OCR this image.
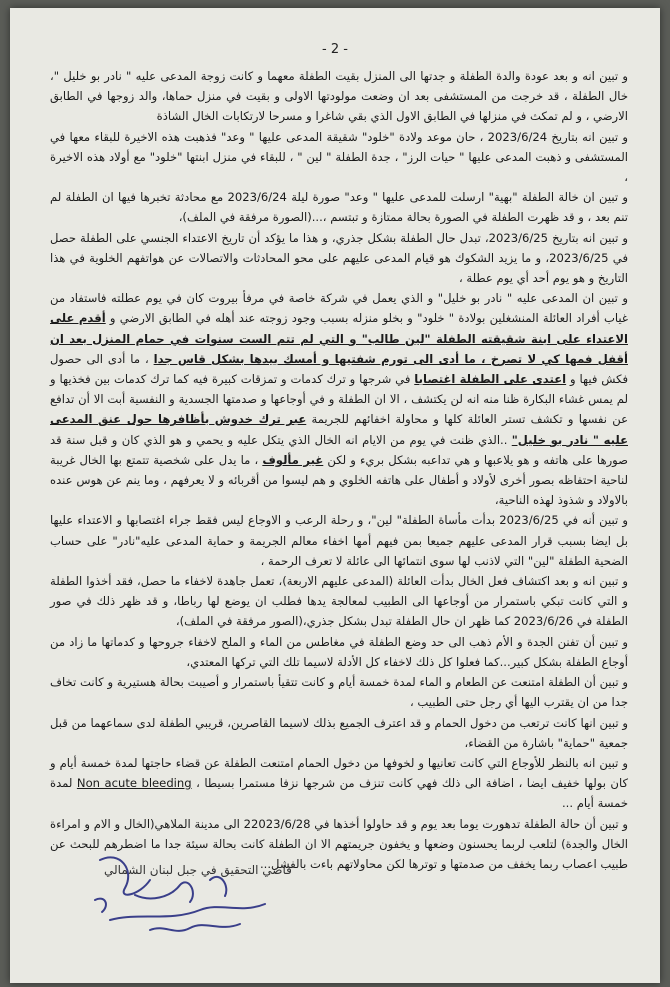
- 2 -

و تبين انه و بعد عودة والدة الطفلة و جدتها الى المنزل بقيت الطفلة معهما و كانت زوجة المدعى عليه " نادر بو خليل "، خال الطفلة ، قد خرجت من المستشفى بعد ان وضعت مولودتها الاولى و بقيت في منزل حماها، والد زوجها في الطابق الارضي ، و لم تمكث في منزلها في الطابق الاول الذي بقي شاغرا و مسرحا لارتكابات الخال الشاذة

و تبين انه بتاريخ 2023/6/24 ، حان موعد ولادة "خلود" شقيقة المدعى عليها " وعد" فذهبت هذه الاخيرة للبقاء معها في المستشفى و ذهبت المدعى عليها " حيات الرز" ، جدة الطفلة " لين " ، للبقاء في منزل ابنتها "خلود" مع أولاد هذه الاخيرة ،

و تبين ان خالة الطفلة "بهية" ارسلت للمدعى عليها " وعد" صورة ليلة 2023/6/24 مع محادثة تخبرها فيها ان الطفلة لم تنم بعد ، و قد ظهرت الطفلة في الصورة بحالة ممتازة و تبتسم ،...(الصورة مرفقة في الملف)،

و تبين انه بتاريخ 2023/6/25، تبدل حال الطفلة بشكل جذري، و هذا ما يؤكد أن تاريخ الاعتداء الجنسي على الطفلة حصل في 2023/6/25، و ما يزيد الشكوك هو قيام المدعى عليهم على محو المحادثات والاتصالات عن هواتفهم الخلوية في هذا التاريخ و هو يوم أحد أي يوم عطلة ،

و تبين ان المدعى عليه " نادر بو خليل" و الذي يعمل في شركة خاصة في مرفأ بيروت كان في يوم عطلته فاستفاد من غياب أفراد العائلة المنشغلين بولادة " خلود" و بخلو منزله بسبب وجود زوجته عند أهله في الطابق الارضي و أقدم على الاعتداء على ابنة شقيقته الطفلة "لين طالب" و التي لم تتم الست سنوات في حمام المنزل بعد ان أقفل فمها كي لا تصرخ ، ما أدى الى تورم شفتيها و أمسك بيدها بشكل قاس جدا ، ما أدى الى حصول فكش فيها و اعتدى على الطفلة اغتصابا في شرجها و ترك كدمات و تمزقات كبيرة فيه كما ترك كدمات بين فخذيها و لم يمس غشاء البكارة ظنا منه انه لن يكتشف ، الا ان الطفلة و في أوجاعها و صدمتها الجسدية و النفسية أبت الا أن تدافع عن نفسها و تكشف تستر العائلة كلها و محاولة اخفائهم للجريمة عبر ترك خدوش بأظافرها حول عنق المدعى عليه " نادر بو خليل" ..الذي ظنت في يوم من الايام انه الخال الذي يتكل عليه و يحمي و هو الذي كان و قبل سنة قد صورها على هاتفه و هو يلاعبها و هي تداعبه بشكل بريء و لكن غير مألوف ، ما يدل على شخصية تتمتع بها الخال غريبة لناحية احتفاظه بصور أخرى لأولاد و أطفال على هاتفه الخلوي و هم ليسوا من أقربائه و لا يعرفهم ، وما ينم عن هوس عنده بالاولاد و شذوذ لهذه الناحية،

و تبين أنه في 2023/6/25 بدأت مأساة الطفلة" لين"، و رحلة الرعب و الاوجاع ليس فقط جراء اغتصابها و الاعتداء عليها بل ايضا بسبب قرار المدعى عليهم جميعا بمن فيهم أمها اخفاء معالم الجريمة و حماية المدعى عليه"نادر" على حساب الضحية الطفلة "لين" التي لاذنب لها سوى انتمائها الى عائلة لا تعرف الرحمة ،

و تبين انه و بعد اكتشاف فعل الخال بدأت العائلة (المدعى عليهم الاربعة)، تعمل جاهدة لاخفاء ما حصل، فقد أخذوا الطفلة و التي كانت تبكي باستمرار من أوجاعها الى الطبيب لمعالجة يدها فطلب ان يوضع لها رباطا، و قد ظهر ذلك في صور الطفلة في 2023/6/26 كما ظهر ان حال الطفلة تبدل بشكل جذري،(الصور مرفقة في الملف)،

و تبين أن تفنن الجدة و الأم ذهب الى حد وضع الطفلة في مغاطس من الماء و الملح لاخفاء جروحها و كدماتها ما زاد من أوجاع الطفلة بشكل كبير...كما فعلوا كل ذلك لاخفاء كل الأدلة لاسيما تلك التي تركها المعتدي،

و تبين أن الطفلة امتنعت عن الطعام و الماء لمدة خمسة أيام و كانت تتقيأ باستمرار و أصيبت بحالة هستيرية و كانت تخاف جدا من ان يقترب اليها أي رجل حتى الطبيب ،

و تبين انها كانت ترتعب من دخول الحمام و قد اعترف الجميع بذلك لاسيما القاصرين، قريبي الطفلة لدى سماعهما من قبل جمعية "حماية" باشارة من القضاء،

و تبين انه بالنظر للأوجاع التي كانت تعانيها و لخوفها من دخول الحمام امتنعت الطفلة عن قضاء حاجتها لمدة خمسة أيام و كان بولها خفيف ايضا ، اضافة الى ذلك فهي كانت تنزف من شرجها نزفا مستمرا بسيطا ، Non acute bleeding لمدة خمسة أيام ...

و تبين أن حالة الطفلة تدهورت يوما بعد يوم و قد حاولوا أخذها في 22023/6/28 الى مدينة الملاهي(الخال و الام و امراءة الخال والجدة) لتلعب لربما يحسنون وضعها و يخفون جريمتهم الا ان الطفلة كانت بحالة سيئة جدا ما اضطرهم للبحث عن طبيب اعصاب ربما يخفف من صدمتها و توترها لكن محاولاتهم باءت بالفشل...

قاضي التحقيق في جبل لبنان الشمالي
